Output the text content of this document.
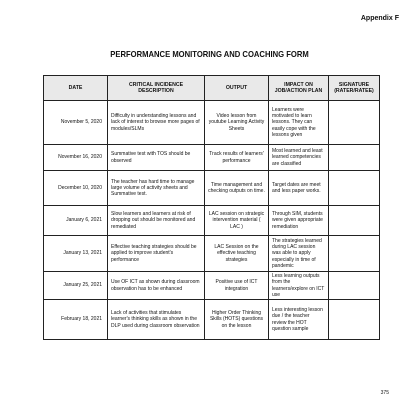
Appendix F
PERFORMANCE MONITORING AND COACHING FORM
DATE	CRITICAL INCIDENCE DESCRIPTION	OUTPUT	IMPACT ON JOB/ACTION PLAN	SIGNATURE (RATER/RATEE)
November 5, 2020	Difficulty in understanding lessons and lack of interest to browse more pages of modules/SLMs	Video lesson from youtube Learning Activity Sheets	Learners were motivated to learn lessons. They can easily cope with the lessons given	
November 16, 2020	Summative test with TOS should be observed	Track results of learners' performance	Most learned and least learned competencies are classified	
December 10, 2020	The teacher has hard time to manage large volume of activity sheets and Summative test.	Time management and checking outputs on time.	Target dates are meet and less paper works.	
January 6, 2021	Slow learners and learners at risk of dropping out should be monitored and remediated	LAC session on strategic intervention material ( LAC )	Through SIM, students were given appropriate remediation	
January 13, 2021	Effective teaching strategies should be applied to improve student's performance	LAC Session on the effective teaching strategies	The strategies learned during LAC session was able to apply especially in time of pandemic	
January 25, 2021	Use OF ICT as shown during classroom observation has to be enhanced	Positive use of ICT integration	Less learning outputs from the learners/explore on ICT use	
February 18, 2021	Lack of activities that stimulates learner's thinking skills as shown in the DLP used during classroom observation	Higher Order Thinking Skills (HOTS) questions on the lesson	Less interesting lesson due / the teacher review the HOT question sample	
375
